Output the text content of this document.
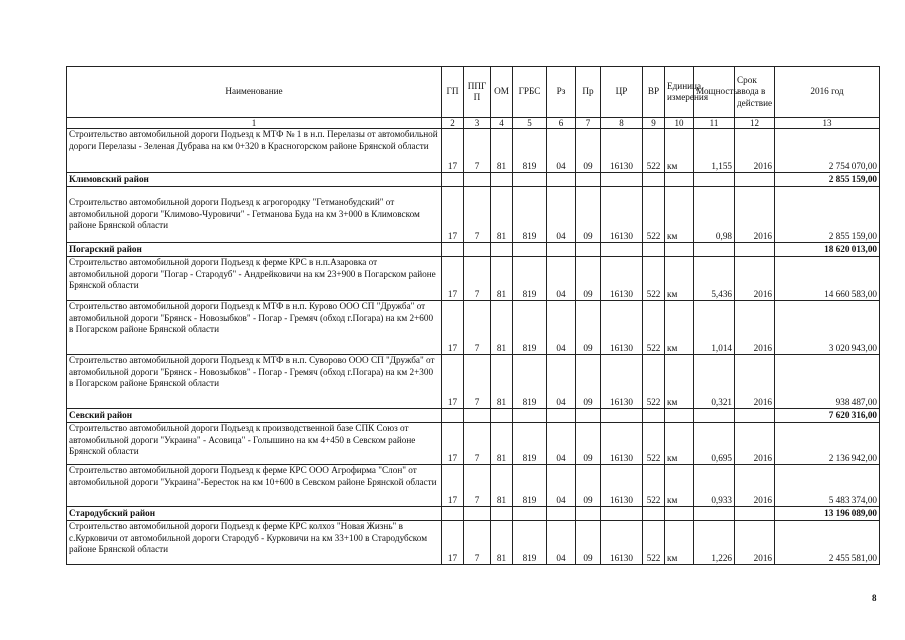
Наименование	ГП	ППГП	ОМ	ГРБС	Рз	Пр	ЦР	ВР	Единица измерения	Мощность	Срок ввода в действие	2016 год
1	2	3	4	5	6	7	8	9	10	11	12	13
Строительство автомобильной дороги Подъезд к МТФ № 1 в н.п. Перелазы от автомобильной дороги Перелазы - Зеленая Дубрава на км 0+320 в Красногорском районе Брянской области	17	7	81	819	04	09	16130	522	км	1,155	2016	2 754 070,00
Климовский район												2 855 159,00
Строительство автомобильной дороги Подъезд к агрогородку "Гетманобудский" от автомобильной дороги "Климово-Чуровичи" - Гетманова Буда на км 3+000 в Климовском районе Брянской области	17	7	81	819	04	09	16130	522	км	0,98	2016	2 855 159,00
Погарский район												18 620 013,00
Строительство автомобильной дороги Подъезд к ферме КРС в н.п.Азаровка от автомобильной дороги "Погар - Стародуб" - Андрейковичи на км 23+900 в Погарском районе Брянской области	17	7	81	819	04	09	16130	522	км	5,436	2016	14 660 583,00
Строительство автомобильной дороги Подъезд к МТФ в н.п. Курово ООО СП "Дружба" от автомобильной дороги "Брянск - Новозыбков" - Погар - Гремяч (обход г.Погара) на км 2+600 в Погарском районе Брянской области	17	7	81	819	04	09	16130	522	км	1,014	2016	3 020 943,00
Строительство автомобильной дороги Подъезд к МТФ в н.п. Суворово ООО СП "Дружба" от автомобильной дороги "Брянск - Новозыбков" - Погар - Гремяч (обход г.Погара) на км 2+300 в Погарском районе Брянской области	17	7	81	819	04	09	16130	522	км	0,321	2016	938 487,00
Севский район												7 620 316,00
Строительство автомобильной дороги Подъезд к производственной базе СПК Союз от автомобильной дороги "Украина" - Асовица" - Голышино на км 4+450 в Севском районе Брянской области	17	7	81	819	04	09	16130	522	км	0,695	2016	2 136 942,00
Строительство автомобильной дороги Подъезд к ферме КРС ООО Агрофирма "Слон" от автомобильной дороги "Украина"-Бересток на км 10+600 в Севском районе Брянской области	17	7	81	819	04	09	16130	522	км	0,933	2016	5 483 374,00
Стародубский район												13 196 089,00
Строительство автомобильной дороги Подъезд к ферме КРС колхоз "Новая Жизнь" в с.Курковичи от автомобильной дороги Стародуб - Курковичи на км 33+100 в Стародубском районе Брянской области	17	7	81	819	04	09	16130	522	км	1,226	2016	2 455 581,00
8
